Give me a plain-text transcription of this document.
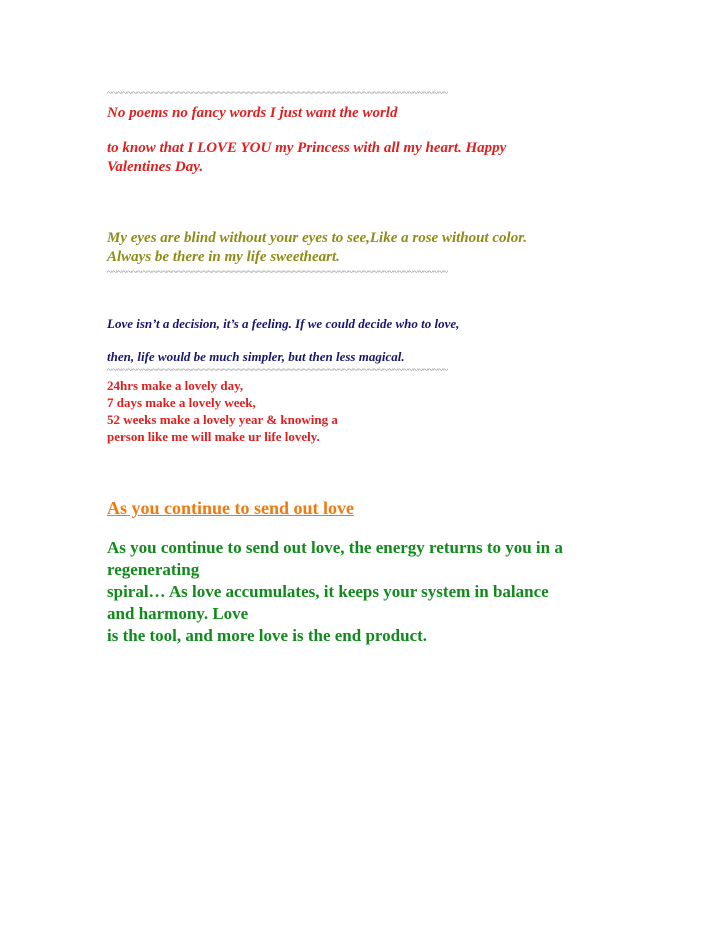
~~~~~~~~~~~~~~~~~~~~~~~~~~~~~~~~~~~~~~~~~~~~~~~~~~~~~~~~~~~~~~~~~~~~
No poems no fancy words I just want the world
to know that I LOVE YOU my Princess with all my heart. Happy
Valentines Day.
My eyes are blind without your eyes to see,Like a rose without color.
Always be there in my life sweetheart.
~~~~~~~~~~~~~~~~~~~~~~~~~~~~~~~~~~~~~~~~~~~~~~~~~~~~~~~~~~~~~~~~~~~~
Love isn’t a decision, it’s a feeling. If we could decide who to love,
then, life would be much simpler, but then less magical.
~~~~~~~~~~~~~~~~~~~~~~~~~~~~~~~~~~~~~~~~~~~~~~~~~~~~~~~~~~~~~~~~~~~~
24hrs make a lovely day,
7 days make a lovely week,
52 weeks make a lovely year & knowing a
person like me will make ur life lovely.
As you continue to send out love
As you continue to send out love, the energy returns to you in a
regenerating
spiral… As love accumulates, it keeps your system in balance
and harmony. Love
is the tool, and more love is the end product.
